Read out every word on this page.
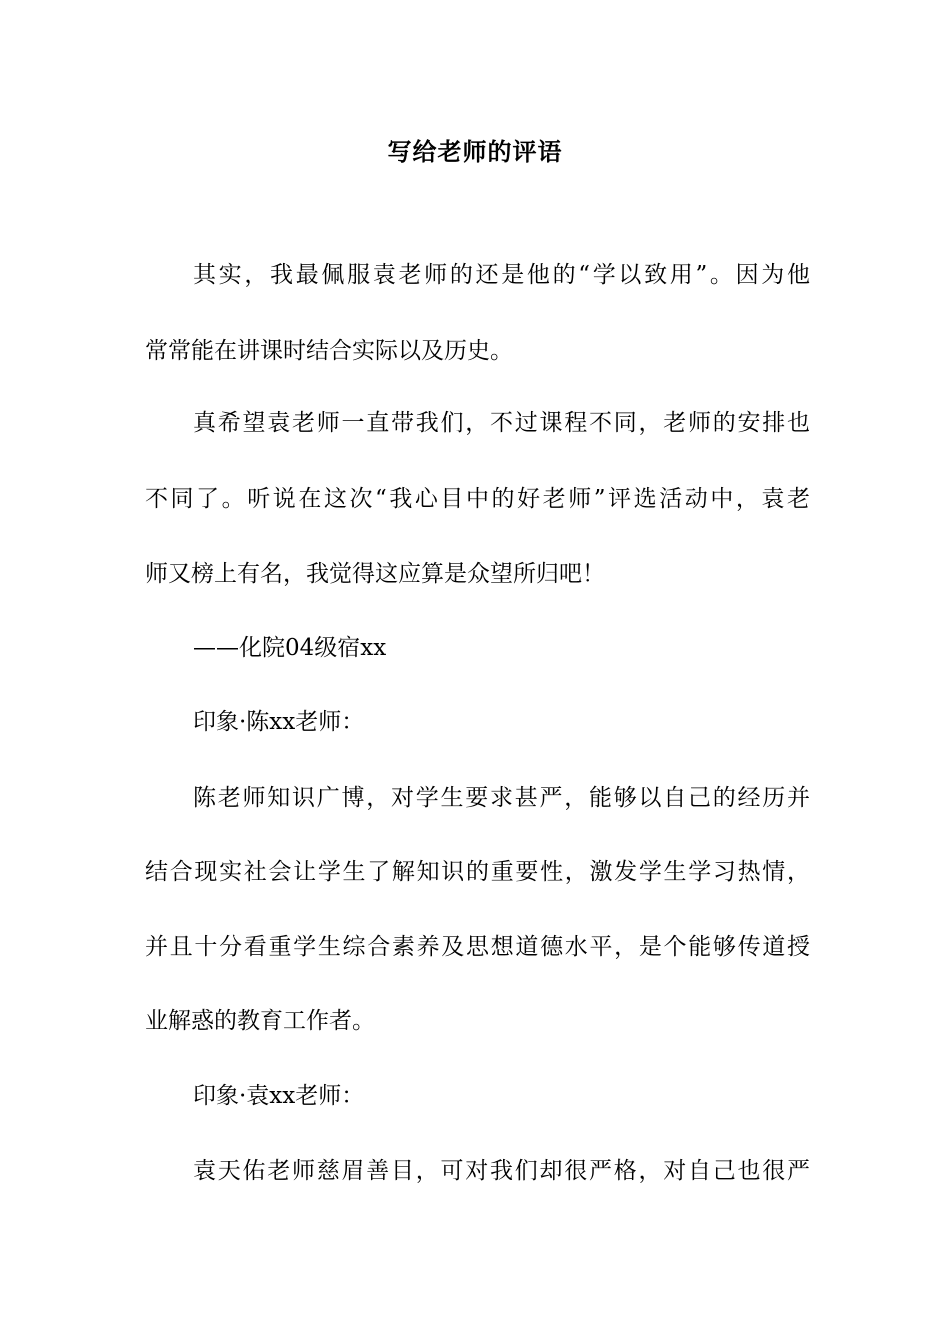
写给老师的评语
其实，我最佩服袁老师的还是他的“学以致用”。因为他
常常能在讲课时结合实际以及历史。
真希望袁老师一直带我们，不过课程不同，老师的安排也
不同了。听说在这次“我心目中的好老师”评选活动中，袁老
师又榜上有名，我觉得这应算是众望所归吧！
——化院04级宿xx
印象·陈xx老师：
陈老师知识广博，对学生要求甚严，能够以自己的经历并
结合现实社会让学生了解知识的重要性，激发学生学习热情，
并且十分看重学生综合素养及思想道德水平，是个能够传道授
业解惑的教育工作者。
印象·袁xx老师：
袁天佑老师慈眉善目，可对我们却很严格，对自己也很严
